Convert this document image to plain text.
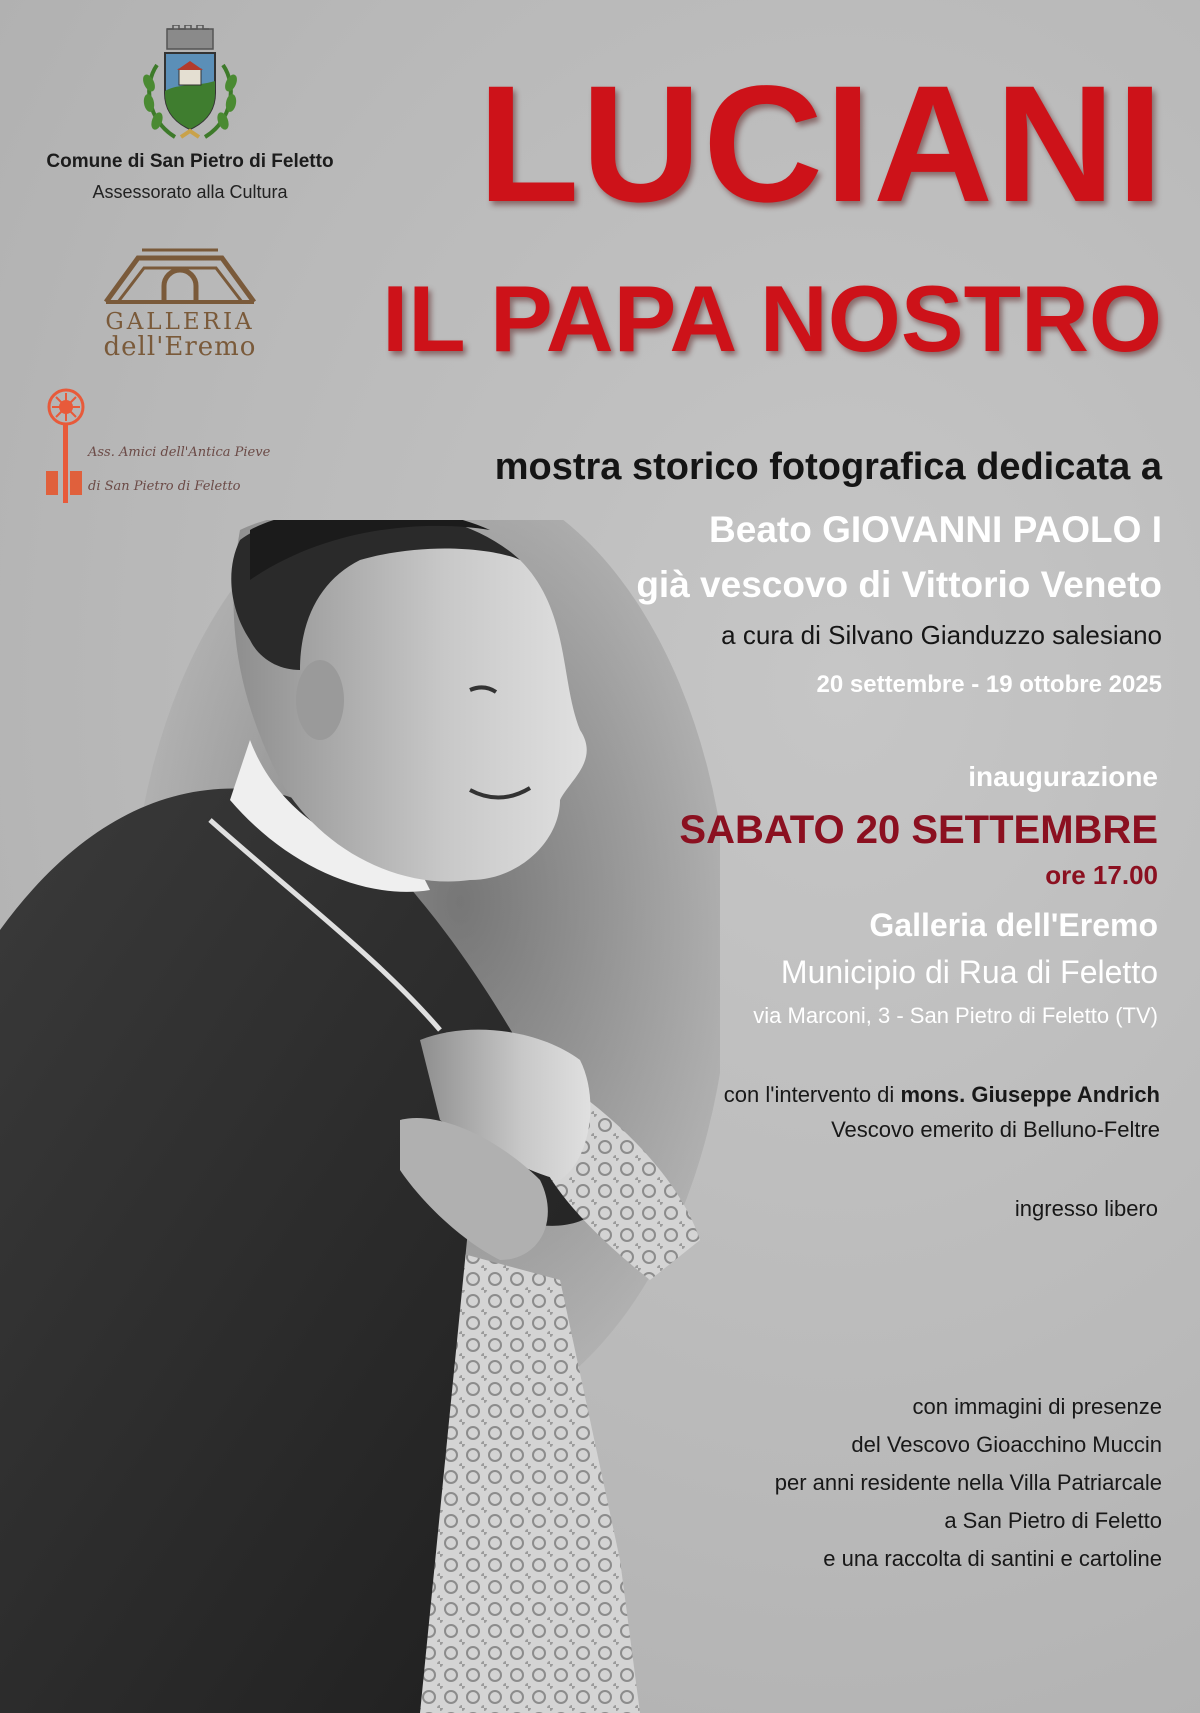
Comune di San Pietro di Feletto
Assessorato alla Cultura
GALLERIA
dell'Eremo
Ass. Amici dell'Antica Pieve
di San Pietro di Feletto
LUCIANI
IL PAPA NOSTRO
mostra storico fotografica dedicata a
Beato GIOVANNI PAOLO I
già vescovo di Vittorio Veneto
a cura di Silvano Gianduzzo salesiano
20 settembre - 19 ottobre 2025
inaugurazione
SABATO 20 SETTEMBRE
ore 17.00
Galleria dell'Eremo
Municipio di Rua di Feletto
via Marconi, 3 - San Pietro di Feletto (TV)
con l'intervento di mons. Giuseppe Andrich
Vescovo emerito di Belluno-Feltre
ingresso libero
con immagini di presenze
del Vescovo Gioacchino Muccin
per anni residente nella Villa Patriarcale
a San Pietro di Feletto
e una raccolta di santini e cartoline
